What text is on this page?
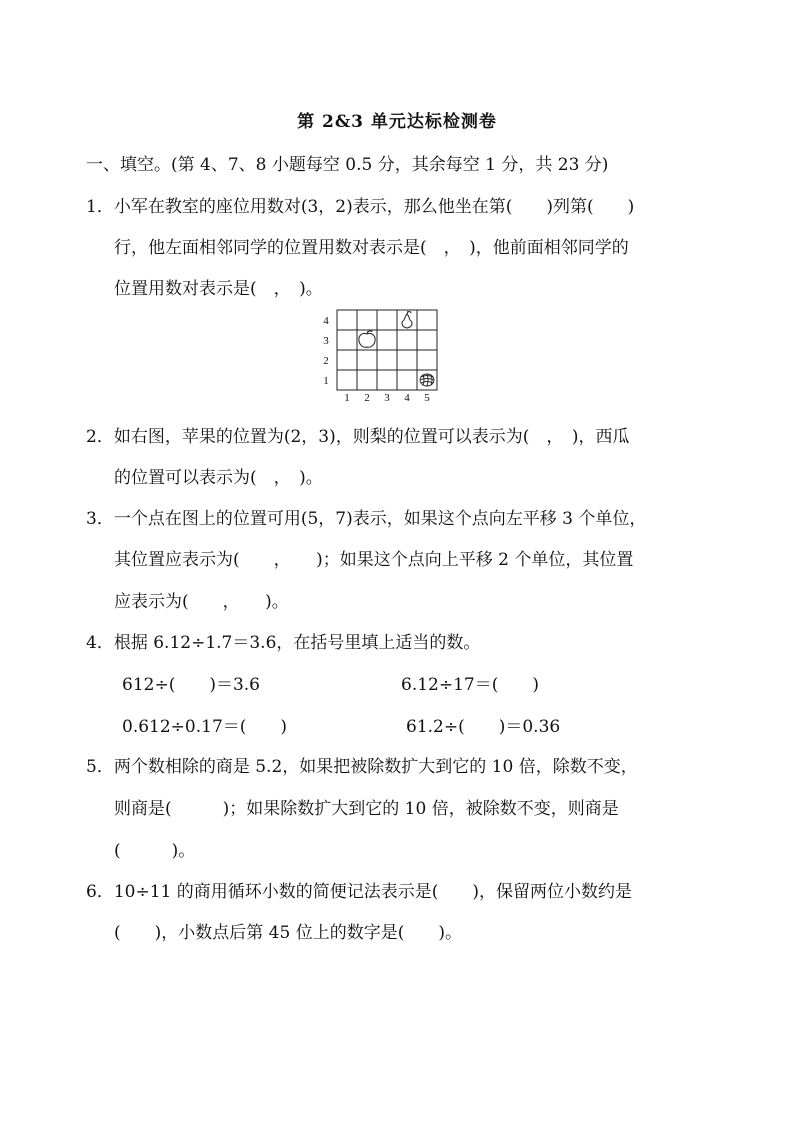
第 2&3 单元达标检测卷
一、填空。(第 4、7、8 小题每空 0.5 分，其余每空 1 分，共 23 分)
1．小军在教室的座位用数对(3，2)表示，那么他坐在第(　　)列第(　　)
行，他左面相邻同学的位置用数对表示是(　，　)，他前面相邻同学的
位置用数对表示是(　，　)。
4
3
2
1
1 2 3 4 5
2．如右图，苹果的位置为(2，3)，则梨的位置可以表示为(　，　)，西瓜
的位置可以表示为(　，　)。
3．一个点在图上的位置可用(5，7)表示，如果这个点向左平移 3 个单位，
其位置应表示为(　　，　　)；如果这个点向上平移 2 个单位，其位置
应表示为(　　，　　)。
4．根据 6.12÷1.7＝3.6，在括号里填上适当的数。
612÷(　　)＝3.6	6.12÷17＝(　　)
0.612÷0.17＝(　　)	61.2÷(　　)＝0.36
5．两个数相除的商是 5.2，如果把被除数扩大到它的 10 倍，除数不变，
则商是(　　　)；如果除数扩大到它的 10 倍，被除数不变，则商是
(　　　)。
6．10÷11 的商用循环小数的简便记法表示是(　　)，保留两位小数约是
(　　)，小数点后第 45 位上的数字是(　　)。
